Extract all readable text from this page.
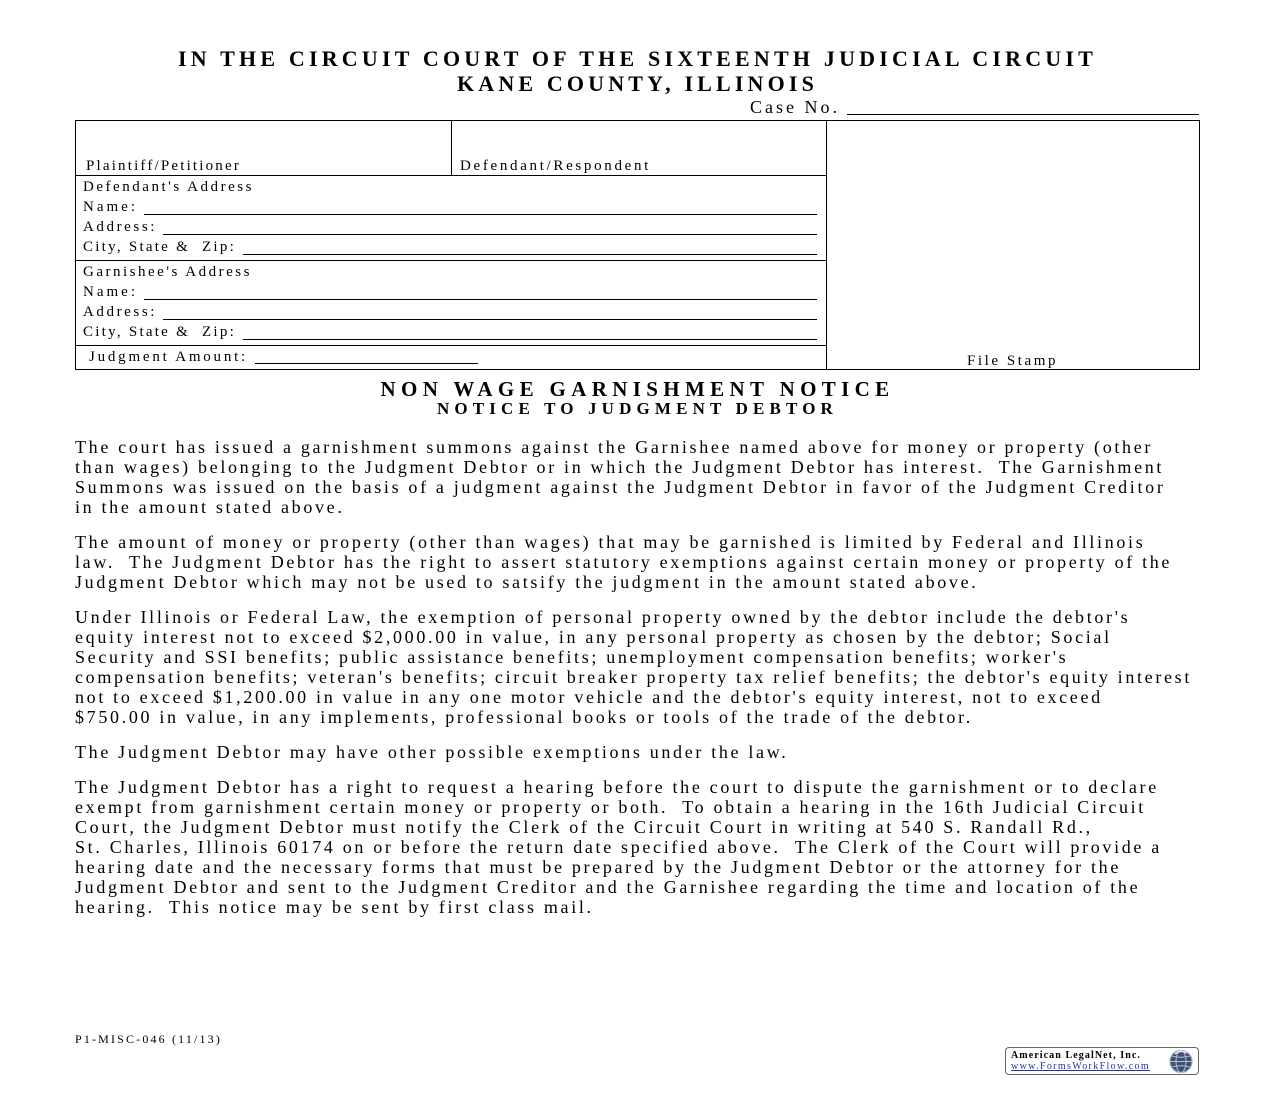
IN THE CIRCUIT COURT OF THE SIXTEENTH JUDICIAL CIRCUIT
KANE COUNTY, ILLINOIS
Case No.
Plaintiff/Petitioner	Defendant/Respondent
Defendant's Address
Name:
Address:
City, State &  Zip:
Garnishee's Address
Name:
Address:
City, State &  Zip:
Judgment Amount:	File Stamp
NON WAGE GARNISHMENT NOTICE
NOTICE TO JUDGMENT DEBTOR
The court has issued a garnishment summons against the Garnishee named above for money or property (other
than wages) belonging to the Judgment Debtor or in which the Judgment Debtor has interest.  The Garnishment
Summons was issued on the basis of a judgment against the Judgment Debtor in favor of the Judgment Creditor
in the amount stated above.
The amount of money or property (other than wages) that may be garnished is limited by Federal and Illinois
law.  The Judgment Debtor has the right to assert statutory exemptions against certain money or property of the
Judgment Debtor which may not be used to satsify the judgment in the amount stated above.
Under Illinois or Federal Law, the exemption of personal property owned by the debtor include the debtor's
equity interest not to exceed $2,000.00 in value, in any personal property as chosen by the debtor; Social
Security and SSI benefits; public assistance benefits; unemployment compensation benefits; worker's
compensation benefits; veteran's benefits; circuit breaker property tax relief benefits; the debtor's equity interest
not to exceed $1,200.00 in value in any one motor vehicle and the debtor's equity interest, not to exceed
$750.00 in value, in any implements, professional books or tools of the trade of the debtor.
The Judgment Debtor may have other possible exemptions under the law.
The Judgment Debtor has a right to request a hearing before the court to dispute the garnishment or to declare
exempt from garnishment certain money or property or both.  To obtain a hearing in the 16th Judicial Circuit
Court, the Judgment Debtor must notify the Clerk of the Circuit Court in writing at 540 S. Randall Rd.,
St. Charles, Illinois 60174 on or before the return date specified above.  The Clerk of the Court will provide a
hearing date and the necessary forms that must be prepared by the Judgment Debtor or the attorney for the
Judgment Debtor and sent to the Judgment Creditor and the Garnishee regarding the time and location of the
hearing.  This notice may be sent by first class mail.
P1-MISC-046 (11/13)
American LegalNet, Inc.
www.FormsWorkFlow.com
